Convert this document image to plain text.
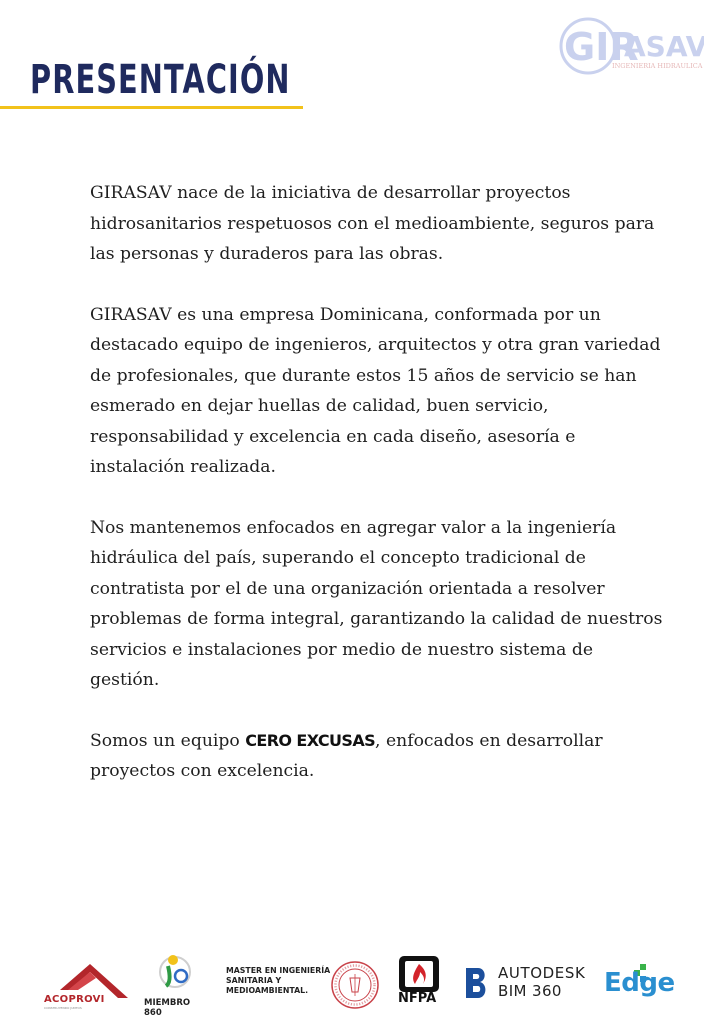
GIR
ASAV
INGENIERIA HIDRAULICA
PRESENTACIÓN

GIRASAV nace de la iniciativa de desarrollar proyectos hidrosanitarios respetuosos con el medioambiente, seguros para las personas y duraderos para las obras.

GIRASAV es una empresa Dominicana, conformada por un destacado equipo de ingenieros, arquitectos y otra gran variedad de profesionales, que durante estos 15 años de servicio se han esmerado en dejar huellas de calidad, buen servicio, responsabilidad y excelencia en cada diseño, asesoría e instalación realizada.

Nos mantenemos enfocados en agregar valor a la ingeniería hidráulica del país, superando el concepto tradicional de contratista por el de una organización orientada a resolver problemas de forma integral, garantizando la calidad de nuestros servicios e instalaciones por medio de nuestro sistema de gestión.

Somos un equipo CERO EXCUSAS, enfocados en desarrollar proyectos con excelencia.

ACOPROVI
CONSTRUYENDO JUNTOS	MIEMBRO 860
MASTER EN INGENIERÍA
SANITARIA Y
MEDIOAMBIENTAL.
NFPA
AUTODESK
BIM 360 Edge
